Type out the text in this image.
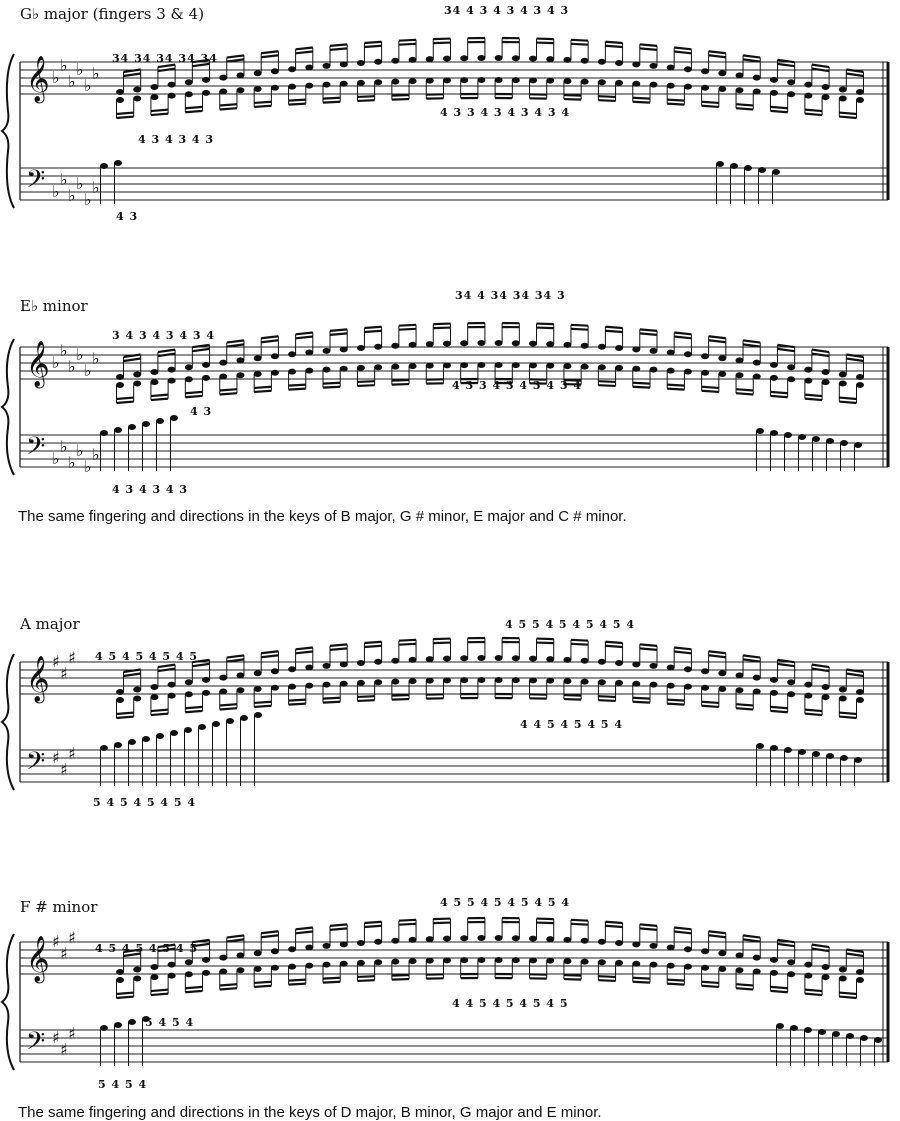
G♭ major (fingers 3 & 4)
𝄞
𝄢
♭
♭
♭
♭
♭
♭
♭
♭
♭
♭
♭
♭
34 34 34 34 34
34 4 3 4 3 4 3 4 3
4 3 4 3 4 3
4 3 3 4 3 4 3 4 3 4
4 3
E♭ minor
𝄞
𝄢
♭
♭
♭
♭
♭
♭
♭
♭
♭
♭
♭
♭
3 4 3 4 3 4 3 4
34 4 34 34 34 3
4 3
4 3 3 4 3 4 3 4 3 4
4 3 4 3 4 3
The same fingering and directions in the keys of B major, G # minor, E major and C # minor.
A major
𝄞
𝄢
♯
♯
♯
♯
♯
♯
4 5 4 5 4 5 4 5
4 5 5 4 5 4 5 4 5 4
4 4 5 4 5 4 5 4
5 4 5 4 5 4 5 4
F # minor
𝄞
𝄢
♯
♯
♯
♯
♯
♯
4 5 4 5 4 5 4 5
4 5 5 4 5 4 5 4 5 4
5 4 5 4
4 4 5 4 5 4 5 4 5
5 4 5 4
The same fingering and directions in the keys of D major, B minor, G major and E minor.
